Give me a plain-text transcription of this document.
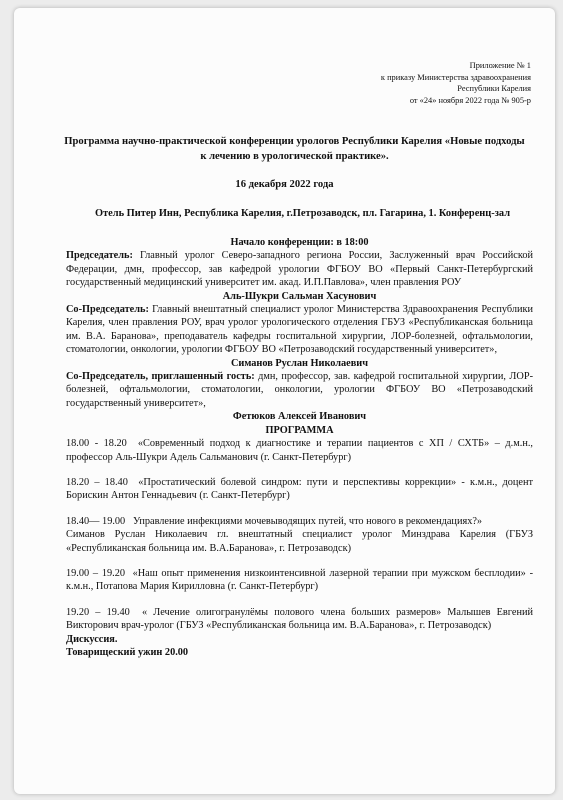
Приложение № 1
к приказу Министерства здравоохранения
Республики Карелия
от «24» ноября 2022 года № 905-р
Программа научно-практической конференции урологов Республики Карелия «Новые подходы к лечению в урологической практике».
16 декабря 2022 года
Отель Питер Инн, Республика Карелия, г.Петрозаводск, пл. Гагарина, 1. Конференц-зал

Начало конференции: в 18:00

Председатель: Главный уролог Северо-западного региона России, Заслуженный врач Российской Федерации, дмн, профессор, зав кафедрой урологии ФГБОУ ВО «Первый Санкт-Петербургский государственный медицинский университет им. акад. И.П.Павлова», член правления РОУ

Аль-Шукри Сальман Хасунович

Со-Председатель: Главный внештатный специалист уролог Министерства Здравоохранения Республики Карелия, член правления РОУ, врач уролог урологического отделения ГБУЗ «Республиканская больница им. В.А. Баранова», преподаватель кафедры госпитальной хирургии, ЛОР-болезней, офтальмологии, стоматологии, онкологии, урологии ФГБОУ ВО «Петрозаводский государственный университет»,

Симанов Руслан Николаевич

Со-Председатель, приглашенный гость: дмн, профессор, зав. кафедрой госпитальной хирургии, ЛОР-болезней, офтальмологии, стоматологии, онкологии, урологии ФГБОУ ВО «Петрозаводский государственный университет»,

Фетюков Алексей Иванович

ПРОГРАММА

18.00 - 18.20 «Современный подход к диагностике и терапии пациентов с ХП / СХТБ» – д.м.н., профессор Аль-Шукри Адель Сальманович (г. Санкт-Петербург)

18.20 – 18.40 «Простатический болевой синдром: пути и перспективы коррекции» - к.м.н., доцент Борискин Антон Геннадьевич (г. Санкт-Петербург)

18.40— 19.00 Управление инфекциями мочевыводящих путей, что нового в рекомендациях?»

Симанов Руслан Николаевич гл. внештатный специалист уролог Минздрава Карелия (ГБУЗ «Республиканская больница им. В.А.Баранова», г. Петрозаводск)

19.00 – 19.20 «Наш опыт применения низкоинтенсивной лазерной терапии при мужском бесплодии» - к.м.н., Потапова Мария Кирилловна (г. Санкт-Петербург)

19.20 – 19.40 « Лечение олигогранулёмы полового члена больших размеров» Малышев Евгений Викторович врач-уролог (ГБУЗ «Республиканская больница им. В.А.Баранова», г. Петрозаводск)

Дискуссия.

Товарищеский ужин 20.00
